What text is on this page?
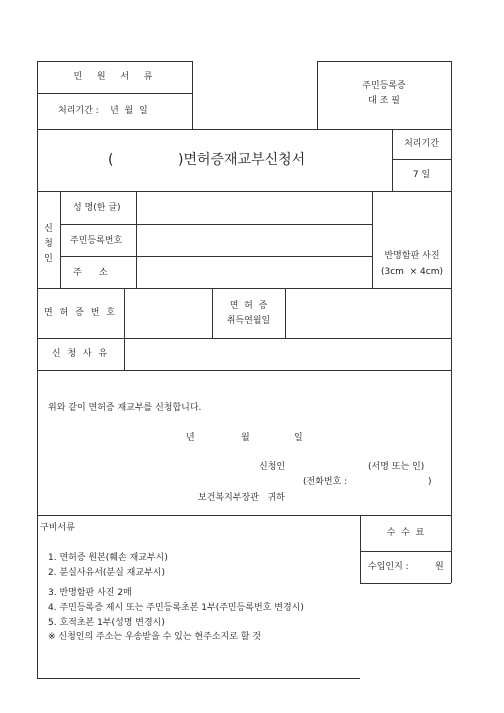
민  원  서  류
처리기간 :    년  월  일
주민등록증
대 조 필
(	)면허증재교부신청서
처리기간
7 일
신
청
인
성 명(한 글)
주민등록번호
주      소
반명함판 사진
(3cm  × 4cm)
면 허 증 번 호
면  허  증
취득연월일
신 청 사 유
위와 같이 면허증 재교부를 신청합니다.
년	월	일
신청인	(서명 또는 인)
(전화번호 :	)
보건복지부장관   귀하
구비서류
1. 면허증 원본(훼손 재교부시)
2. 분실사유서(분실 재교부시)
3. 반명함판 사진 2매
4. 주민등록증 제시 또는 주민등록초본 1부(주민등록번호 변경시)
5. 호적초본 1부(성명 변경시)
※ 신청인의 주소는 우송받을 수 있는 현주소지로 할 것
수  수  료
수입인지 :	원
